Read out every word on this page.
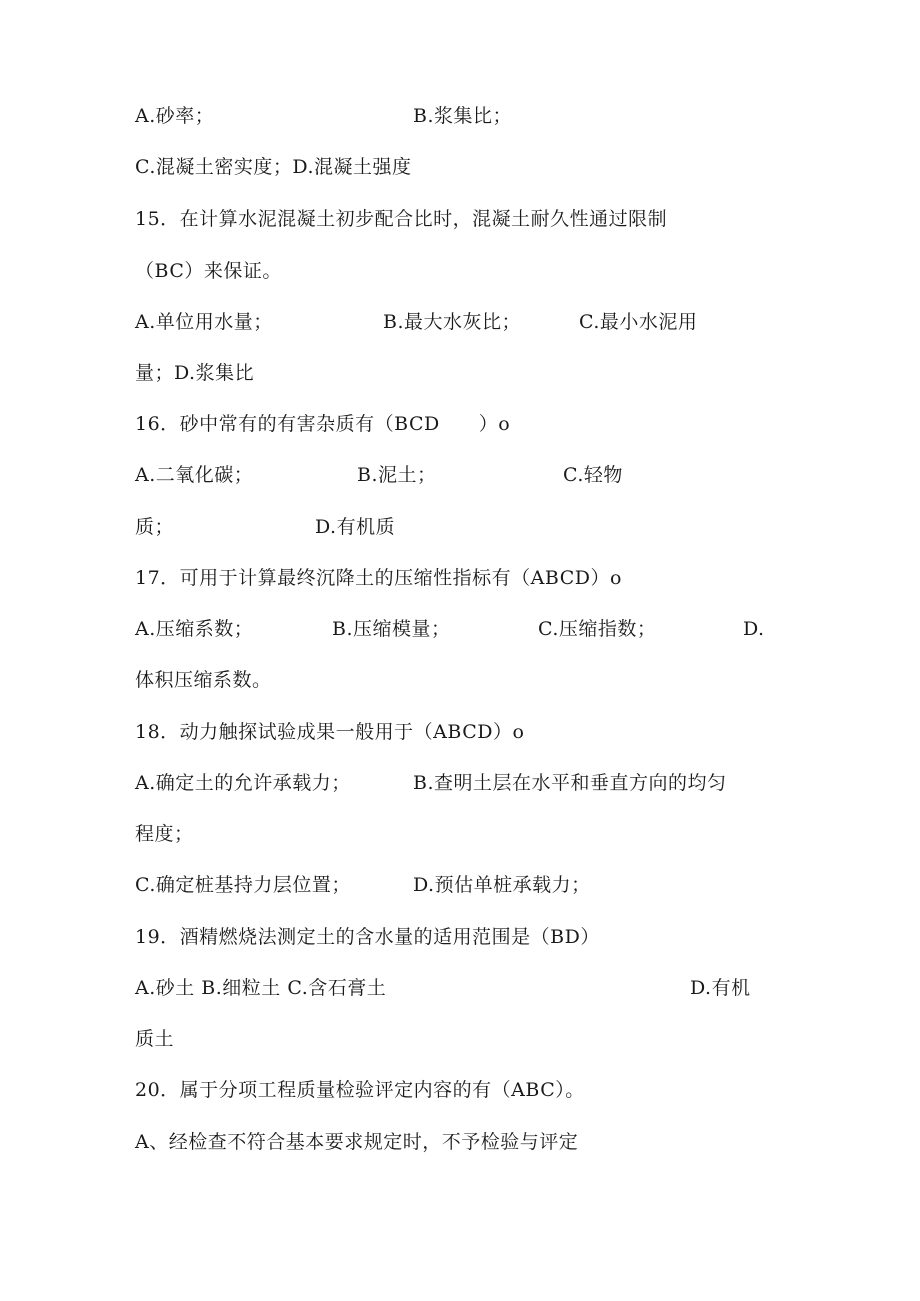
A.砂率；	B.浆集比；
C.混凝土密实度；D.混凝土强度
15．在计算水泥混凝土初步配合比时，混凝土耐久性通过限制
（BC）来保证。
A.单位用水量；	B.最大水灰比；	C.最小水泥用
量；D.浆集比
16．砂中常有的有害杂质有（BCD　　）o
A.二氧化碳；	B.泥土；	C.轻物
质；	D.有机质
17．可用于计算最终沉降土的压缩性指标有（ABCD）o
A.压缩系数；	B.压缩模量；	C.压缩指数；	D.
体积压缩系数。
18．动力触探试验成果一般用于（ABCD）o
A.确定土的允许承载力；	B.查明土层在水平和垂直方向的均匀
程度；
C.确定桩基持力层位置；	D.预估单桩承载力；
19．酒精燃烧法测定土的含水量的适用范围是（BD）
A.砂土 B.细粒土 C.含石膏土	D.有机
质土
20．属于分项工程质量检验评定内容的有（ABC）。
A、经检查不符合基本要求规定时，不予检验与评定
